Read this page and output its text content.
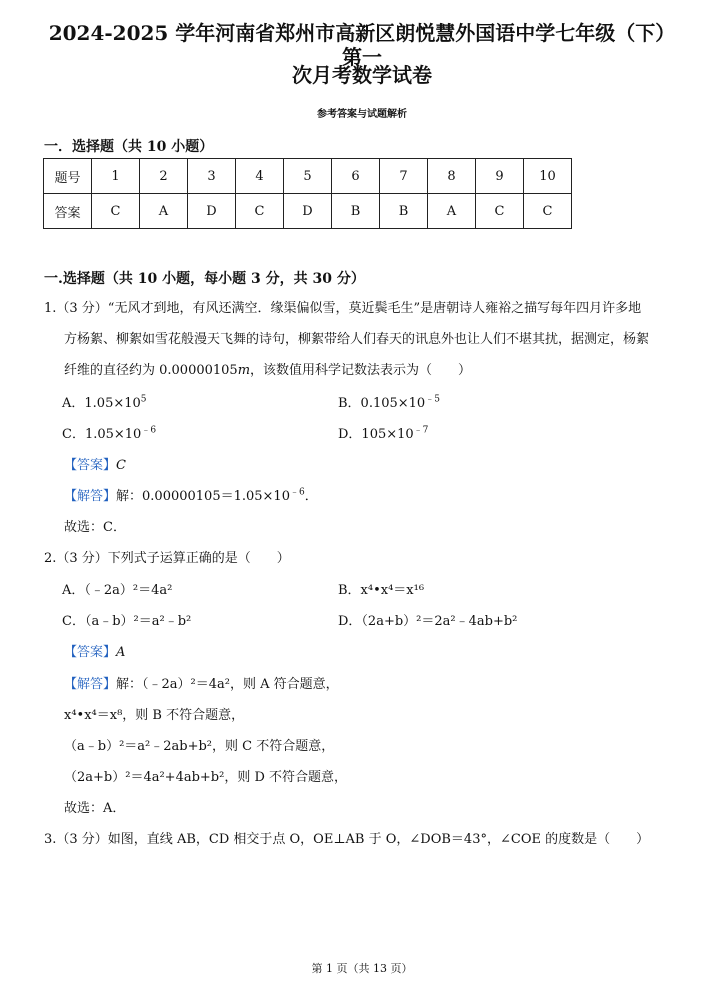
2024-2025 学年河南省郑州市高新区朗悦慧外国语中学七年级（下）第一
次月考数学试卷
参考答案与试题解析
一．选择题（共 10 小题）
题号	1	2	3	4	5	6	7	8	9	10
答案	C	A	D	C	D	B	B	A	C	C
一.选择题（共 10 小题，每小题 3 分，共 30 分）
1.（3 分）“无风才到地，有风还满空．缘渠偏似雪，莫近鬓毛生”是唐朝诗人雍裕之描写每年四月许多地
方杨絮、柳絮如雪花般漫天飞舞的诗句，柳絮带给人们春天的讯息外也让人们不堪其扰，据测定，杨絮
纤维的直径约为 0.00000105m，该数值用科学记数法表示为（　　）
A．$1.05\times 10^5$	B．$0.105\times 10^{﹣5}$
C．$1.05\times 10^{﹣6}$	D．$105\times 10^{﹣7}$
【答案】C
【解答】解：$0.00000105=1.05\times 10^{﹣6}$．
故选：C．
2.（3 分）下列式子运算正确的是（　　）
A．（﹣2a）²＝4a²	B．x⁴•x⁴＝x¹⁶
C．（a﹣b）²＝a²﹣b²	D．（2a+b）²＝2a²﹣4ab+b²
【答案】A
【解答】解：（﹣2a）²＝4a²，则 A 符合题意，
x⁴•x⁴＝x⁸，则 B 不符合题意，
（a﹣b）²＝a²﹣2ab+b²，则 C 不符合题意，
（2a+b）²＝4a²+4ab+b²，则 D 不符合题意，
故选：A．
3.（3 分）如图，直线 AB，CD 相交于点 O，OE⊥AB 于 O，∠DOB＝43°，∠COE 的度数是（　　）
第 1 页（共 13 页）
